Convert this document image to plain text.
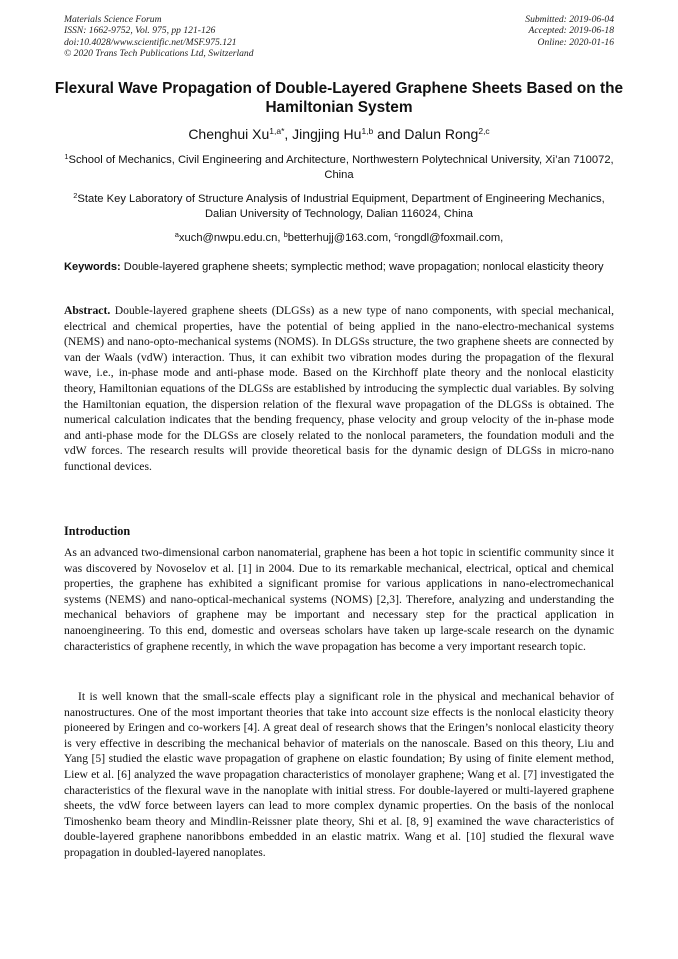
Materials Science Forum
ISSN: 1662-9752, Vol. 975, pp 121-126
doi:10.4028/www.scientific.net/MSF.975.121
© 2020 Trans Tech Publications Ltd, Switzerland
Submitted: 2019-06-04
Accepted: 2019-06-18
Online: 2020-01-16
Flexural Wave Propagation of Double-Layered Graphene Sheets Based on the Hamiltonian System
Chenghui $Xu^{1,a*}$, Jingjing Hu$^{1,b}$ and Dalun Rong$^{2,c}$
$^1$School of Mechanics, Civil Engineering and Architecture, Northwestern Polytechnical University, Xi’an 710072, China
$^2$State Key Laboratory of Structure Analysis of Industrial Equipment, Department of Engineering Mechanics, Dalian University of Technology, Dalian 116024, China
$^a$xuch@nwpu.edu.cn, $^b$betterhujj@163.com, $^c$rongdl@foxmail.com,
Keywords: Double-layered graphene sheets; symplectic method; wave propagation; nonlocal elasticity theory
Abstract. Double-layered graphene sheets (DLGSs) as a new type of nano components, with special mechanical, electrical and chemical properties, have the potential of being applied in the nano-electro-mechanical systems (NEMS) and nano-opto-mechanical systems (NOMS). In DLGSs structure, the two graphene sheets are connected by van der Waals (vdW) interaction. Thus, it can exhibit two vibration modes during the propagation of the flexural wave, i.e., in-phase mode and anti-phase mode. Based on the Kirchhoff plate theory and the nonlocal elasticity theory, Hamiltonian equations of the DLGSs are established by introducing the symplectic dual variables. By solving the Hamiltonian equation, the dispersion relation of the flexural wave propagation of the DLGSs is obtained. The numerical calculation indicates that the bending frequency, phase velocity and group velocity of the in-phase mode and anti-phase mode for the DLGSs are closely related to the nonlocal parameters, the foundation moduli and the vdW forces. The research results will provide theoretical basis for the dynamic design of DLGSs in micro-nano functional devices.
Introduction
As an advanced two-dimensional carbon nanomaterial, graphene has been a hot topic in scientific community since it was discovered by Novoselov et al. [1] in 2004. Due to its remarkable mechanical, electrical, optical and chemical properties, the graphene has exhibited a significant promise for various applications in nano-electromechanical systems (NEMS) and nano-optical-mechanical systems (NOMS) [2,3]. Therefore, analyzing and understanding the mechanical behaviors of graphene may be important and necessary step for the practical application in nanoengineering. To this end, domestic and overseas scholars have taken up large-scale research on the dynamic characteristics of graphene recently, in which the wave propagation has become a very important research topic.
It is well known that the small-scale effects play a significant role in the physical and mechanical behavior of nanostructures. One of the most important theories that take into account size effects is the nonlocal elasticity theory pioneered by Eringen and co-workers [4]. A great deal of research shows that the Eringen’s nonlocal elasticity theory is very effective in describing the mechanical behavior of materials on the nanoscale. Based on this theory, Liu and Yang [5] studied the elastic wave propagation of graphene on elastic foundation; By using of finite element method, Liew et al. [6] analyzed the wave propagation characteristics of monolayer graphene; Wang et al. [7] investigated the characteristics of the flexural wave in the nanoplate with initial stress. For double-layered or multi-layered graphene sheets, the vdW force between layers can lead to more complex dynamic properties. On the basis of the nonlocal Timoshenko beam theory and Mindlin-Reissner plate theory, Shi et al. [8, 9] examined the wave characteristics of double-layered graphene nanoribbons embedded in an elastic matrix. Wang et al. [10] studied the flexural wave propagation in doubled-layered nanoplates.
